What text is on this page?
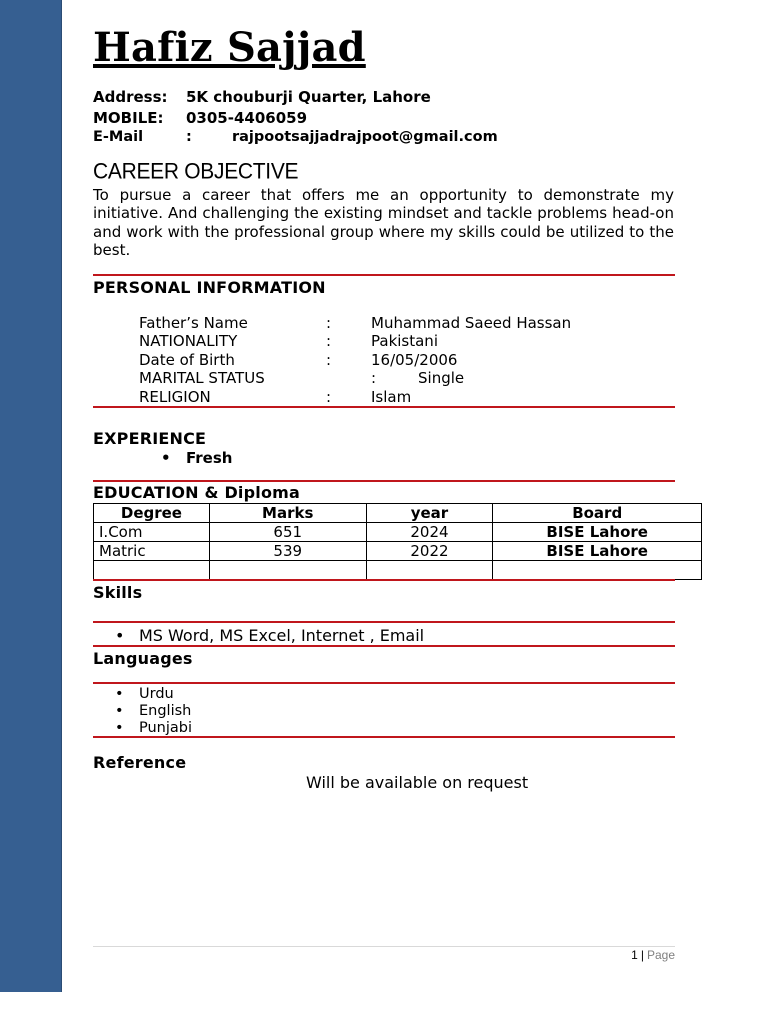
Hafiz Sajjad
Address: 5K chouburji Quarter, Lahore
MOBILE: 0305-4406059
E-Mail	:	rajpootsajjadrajpoot@gmail.com
CAREER OBJECTIVE
To pursue a career that offers me an opportunity to demonstrate my initiative. And challenging the existing mindset and tackle problems head-on and work with the professional group where my skills could be utilized to the best.
PERSONAL INFORMATION
Father’s Name	:	Muhammad Saeed Hassan
NATIONALITY	:	Pakistani
Date of Birth	:	16/05/2006
MARITAL STATUS	:	Single
RELIGION	:	Islam
EXPERIENCE
• Fresh
EDUCATION & Diploma
Degree	Marks	year	Board
I.Com	651	2024	BISE Lahore
Matric	539	2022	BISE Lahore

Skills
• MS Word, MS Excel, Internet , Email
Languages
• Urdu
• English
• Punjabi
Reference
Will be available on request
1 | Page
